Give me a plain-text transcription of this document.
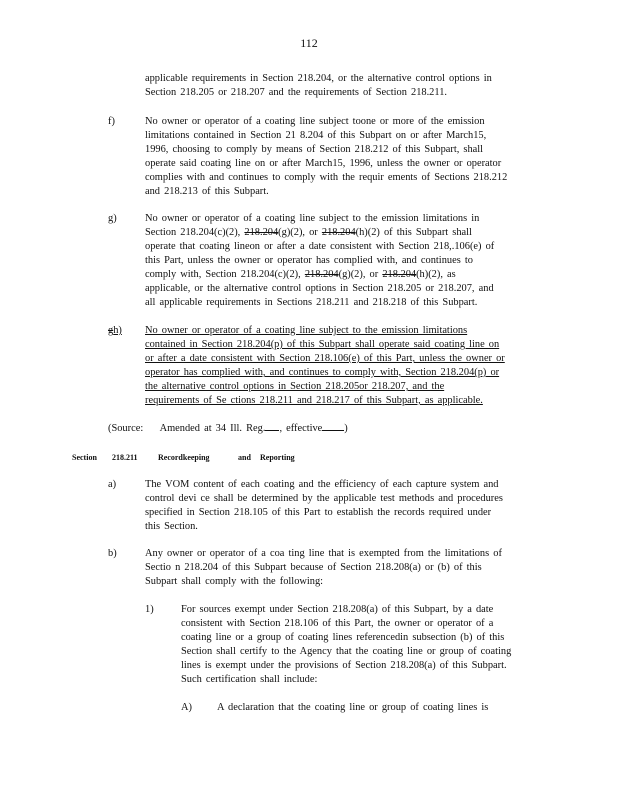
112
applicable requirements in Section 218.204, or the alternative control options in
Section 218.205 or 218.207 and the requirements of Section 218.211.
f)	No owner or operator of a coating line subject toone or more of the emission
limitations contained in Section 21 8.204 of this Subpart on or after March15,
1996, choosing to comply by means of Section 218.212 of this Subpart, shall
operate said coating line on or after March15, 1996, unless the owner or operator
complies with and continues to comply with the requir ements of Sections 218.212
and 218.213 of this Subpart.
g)	No owner or operator of a coating line subject to the emission limitations in
Section 218.204(c)(2), 218.204(g)(2), or 218.204(h)(2) of this Subpart shall
operate that coating lineon or after a date consistent with Section 218,.106(e) of
this Part, unless the owner or operator has complied with, and continues to
comply with, Section 218.204(c)(2), 218.204(g)(2), or 218.204(h)(2), as
applicable, or the alternative control options in Section 218.205 or 218.207, and
all applicable requirements in Sections 218.211 and 218.218 of this Subpart.
gh) No owner or operator of a coating line subject to the emission limitations
contained in Section 218.204(p) of this Subpart shall operate said coating line on
or after a date consistent with Section 218.106(e) of this Part, unless the owner or
operator has complied with, and continues to comply with, Section 218.204(p) or
the alternative control options in Section 218.205or 218.207, and the
requirements of Se ctions 218.211 and 218.217 of this Subpart, as applicable.
(Source: Amended at 34 Ill. Reg. , effective )
Section 218.211	Recordkeeping	and Reporting
a)	The VOM content of each coating and the efficiency of each capture system and
control devi ce shall be determined by the applicable test methods and procedures
specified in Section 218.105 of this Part to establish the records required under
this Section.
b)	Any owner or operator of a coa ting line that is exempted from the limitations of
Sectio n 218.204 of this Subpart because of Section 218.208(a) or (b) of this
Subpart shall comply with the following:
1)	For sources exempt under Section 218.208(a) of this Subpart, by a date
consistent with Section 218.106 of this Part, the owner or operator of a
coating line or a group of coating lines referencedin subsection (b) of this
Section shall certify to the Agency that the coating line or group of coating
lines is exempt under the provisions of Section 218.208(a) of this Subpart.
Such certification shall include:
A) A declaration that the coating line or group of coating lines is
